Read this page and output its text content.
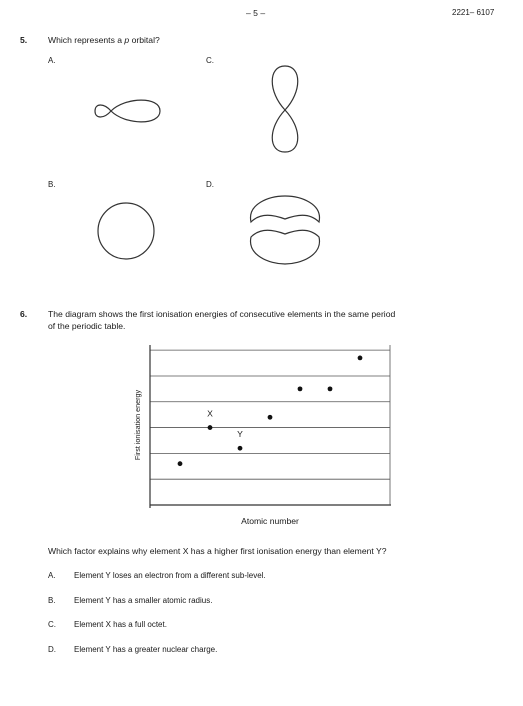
– 5 –	2221– 6107
5. Which represents a p orbital?
A.	C.
B.	D.
6. The diagram shows the first ionisation energies of consecutive elements in the same period
of the periodic table.
X
Y
Atomic number
First ionisation energy
Which factor explains why element X has a higher first ionisation energy than element Y?
A. Element Y loses an electron from a different sub-level.
B. Element Y has a smaller atomic radius.
C. Element X has a full octet.
D. Element Y has a greater nuclear charge.
